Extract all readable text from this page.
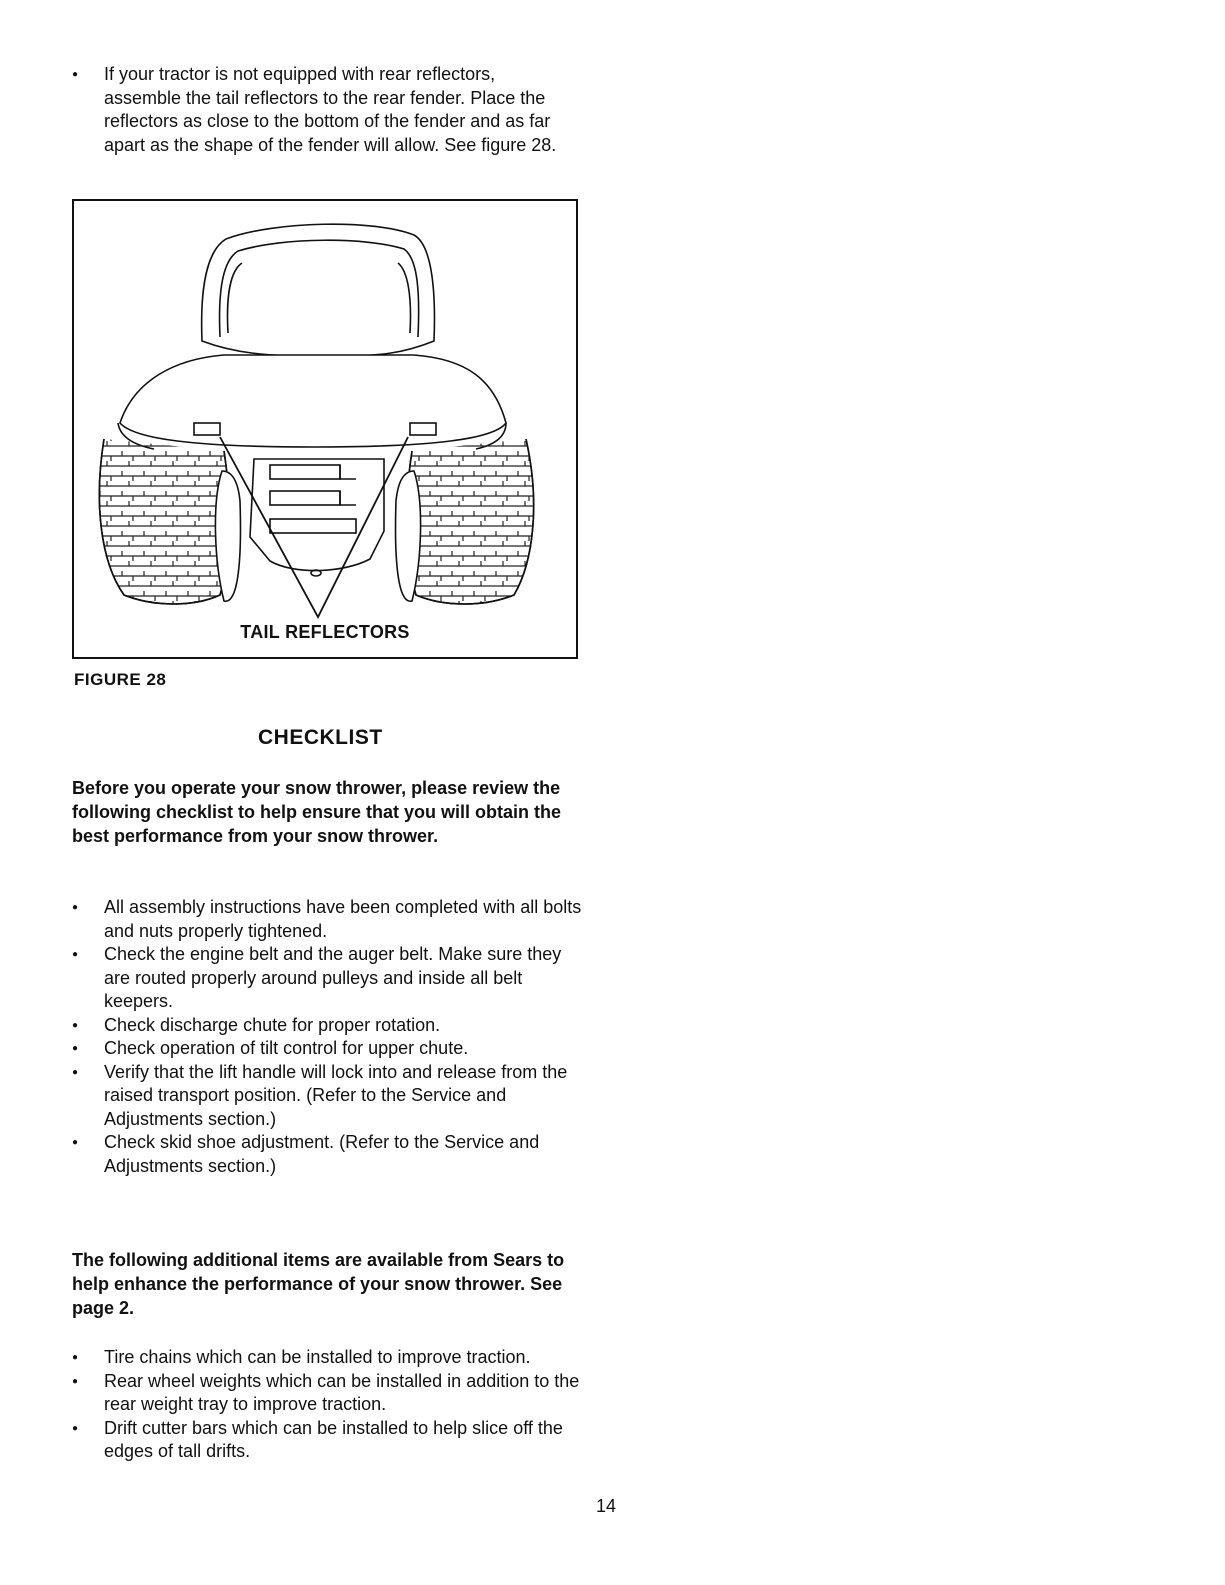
● If your tractor is not equipped with rear reflectors, assemble the tail reflectors to the rear fender. Place the reflectors as close to the bottom of the fender and as far apart as the shape of the fender will allow. See figure 28.
TAIL REFLECTORS
FIGURE 28
CHECKLIST
Before you operate your snow thrower, please review the following checklist to help ensure that you will obtain the best performance from your snow thrower.
● All assembly instructions have been completed with all bolts and nuts properly tightened.
● Check the engine belt and the auger belt. Make sure they are routed properly around pulleys and inside all belt keepers.
● Check discharge chute for proper rotation.
● Check operation of tilt control for upper chute.
● Verify that the lift handle will lock into and release from the raised transport position. (Refer to the Service and Adjustments section.)
● Check skid shoe adjustment. (Refer to the Service and Adjustments section.)
The following additional items are available from Sears to help enhance the performance of your snow thrower. See page 2.
● Tire chains which can be installed to improve traction.
● Rear wheel weights which can be installed in addition to the rear weight tray to improve traction.
● Drift cutter bars which can be installed to help slice off the edges of tall drifts.
14
